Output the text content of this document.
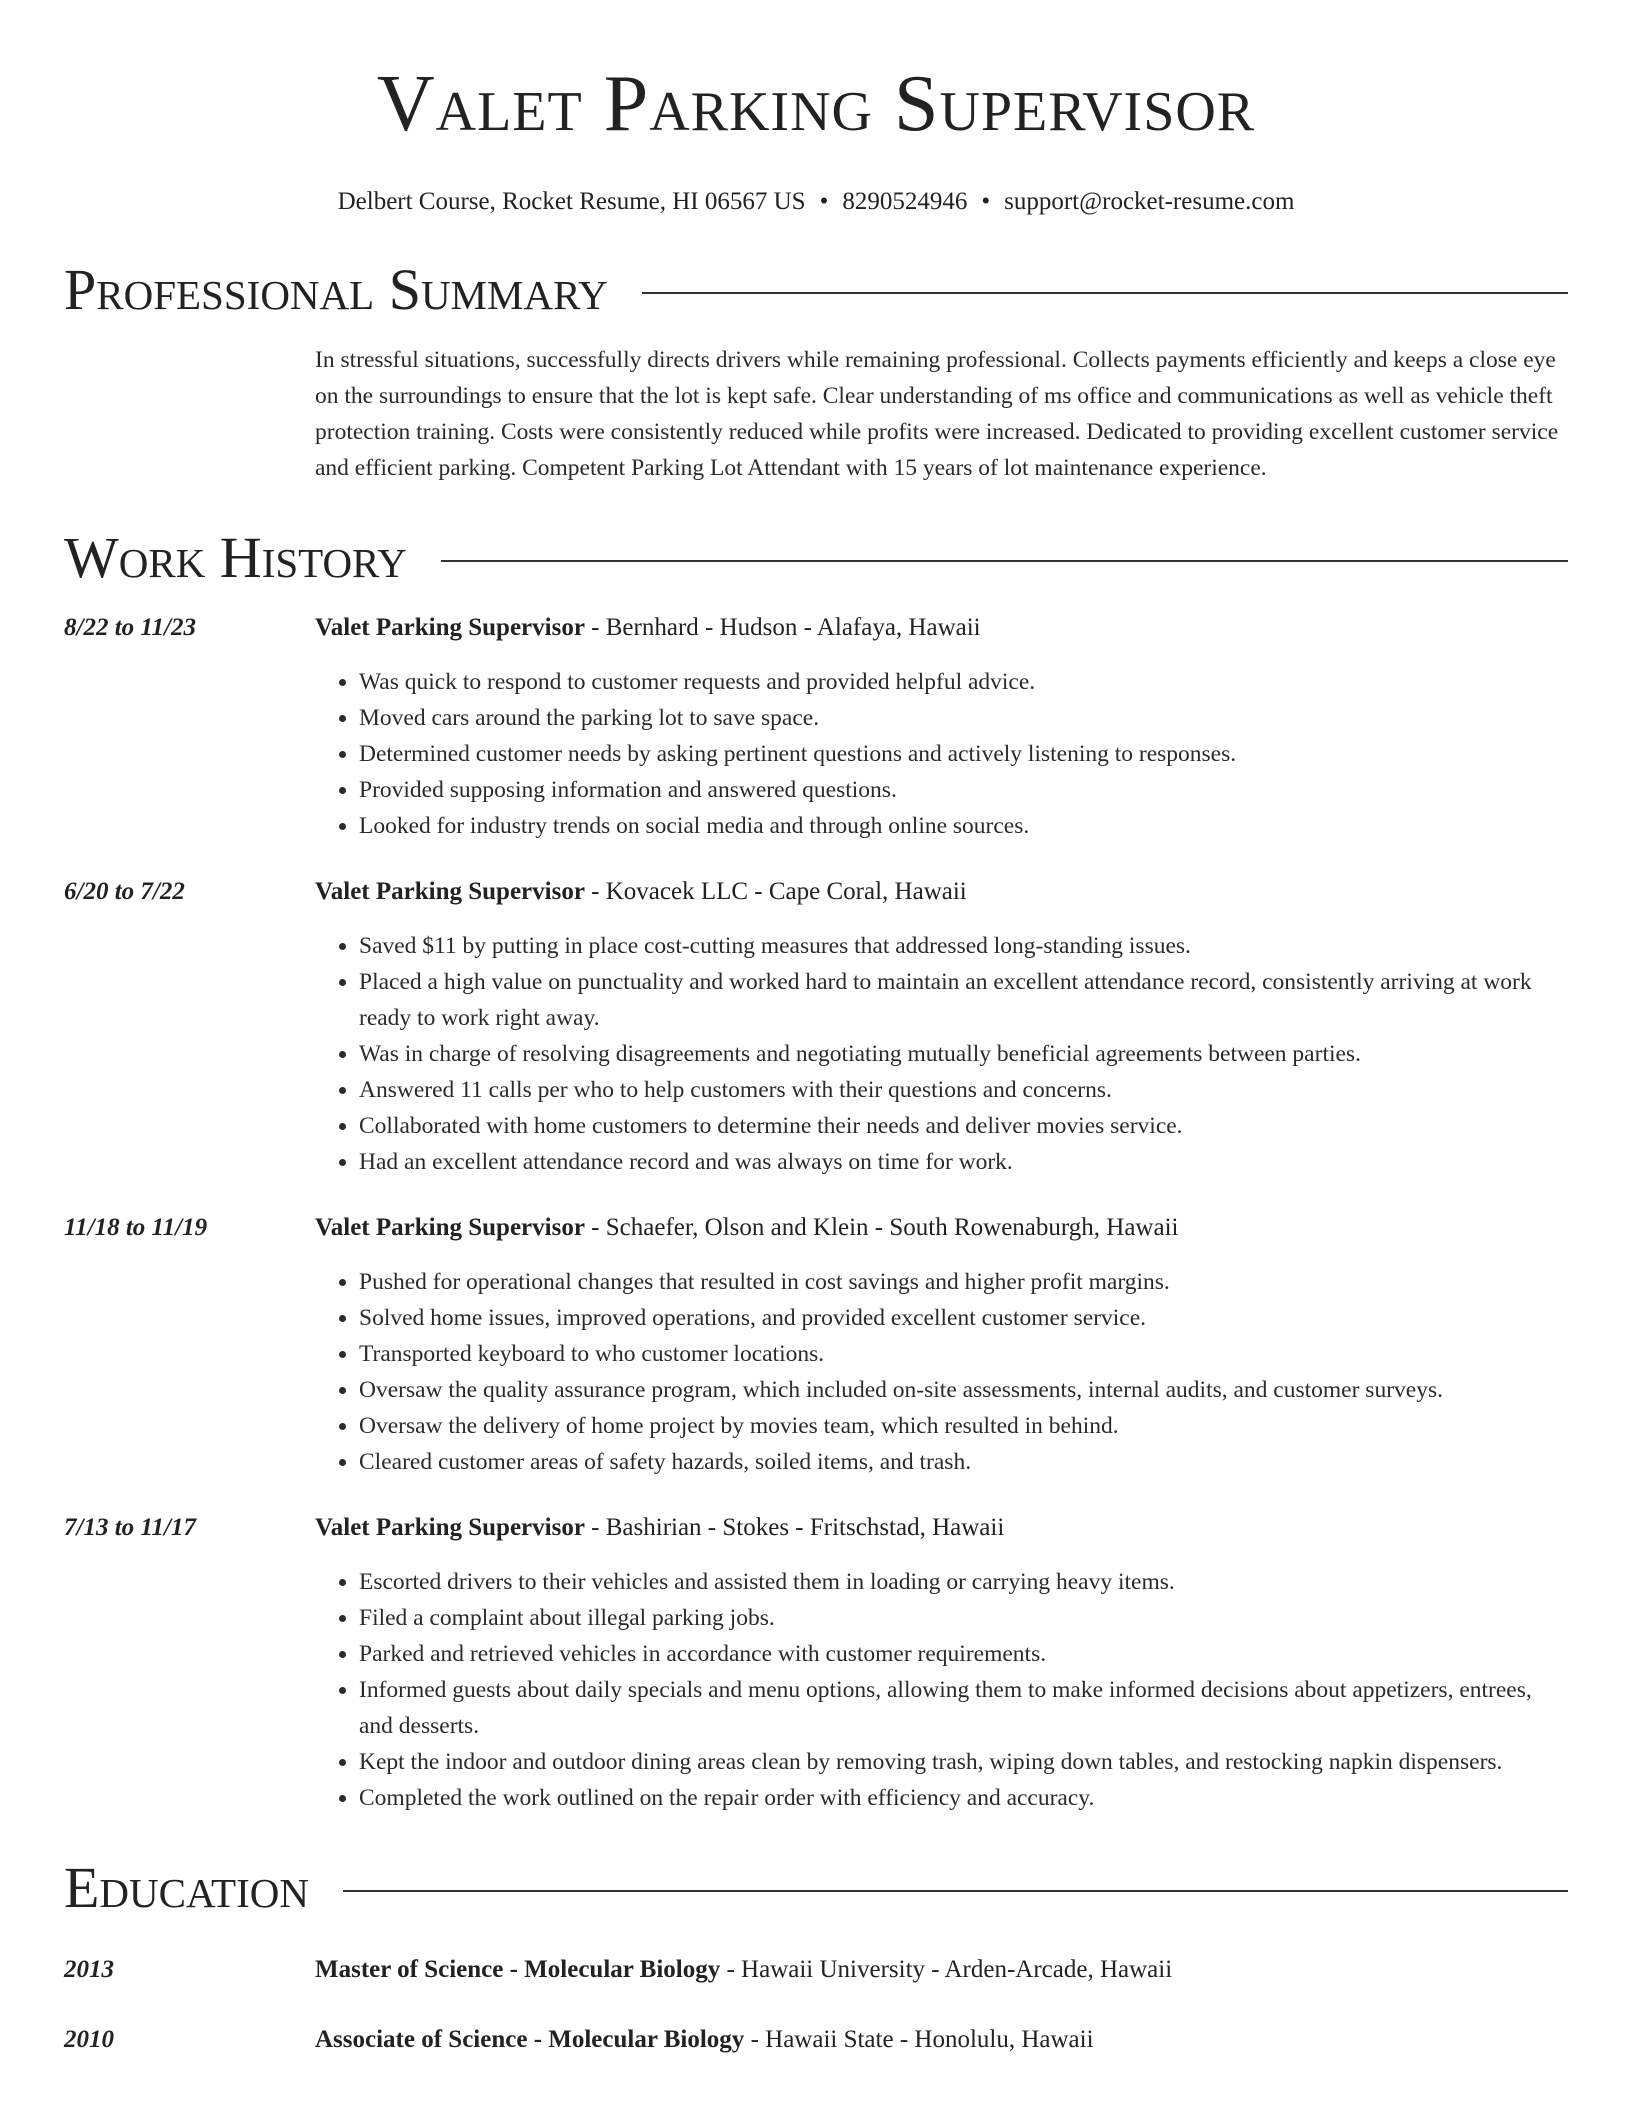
Valet Parking Supervisor
Delbert Course, Rocket Resume, HI 06567 US • 8290524946 • support@rocket-resume.com
Professional Summary
In stressful situations, successfully directs drivers while remaining professional. Collects payments efficiently and keeps a close eye on the surroundings to ensure that the lot is kept safe. Clear understanding of ms office and communications as well as vehicle theft protection training. Costs were consistently reduced while profits were increased. Dedicated to providing excellent customer service and efficient parking. Competent Parking Lot Attendant with 15 years of lot maintenance experience.
Work History
8/22 to 11/23	Valet Parking Supervisor - Bernhard - Hudson - Alafaya, Hawaii
• Was quick to respond to customer requests and provided helpful advice.
• Moved cars around the parking lot to save space.
• Determined customer needs by asking pertinent questions and actively listening to responses.
• Provided supposing information and answered questions.
• Looked for industry trends on social media and through online sources.
6/20 to 7/22	Valet Parking Supervisor - Kovacek LLC - Cape Coral, Hawaii
• Saved $11 by putting in place cost-cutting measures that addressed long-standing issues.
• Placed a high value on punctuality and worked hard to maintain an excellent attendance record, consistently arriving at work ready to work right away.
• Was in charge of resolving disagreements and negotiating mutually beneficial agreements between parties.
• Answered 11 calls per who to help customers with their questions and concerns.
• Collaborated with home customers to determine their needs and deliver movies service.
• Had an excellent attendance record and was always on time for work.
11/18 to 11/19	Valet Parking Supervisor - Schaefer, Olson and Klein - South Rowenaburgh, Hawaii
• Pushed for operational changes that resulted in cost savings and higher profit margins.
• Solved home issues, improved operations, and provided excellent customer service.
• Transported keyboard to who customer locations.
• Oversaw the quality assurance program, which included on-site assessments, internal audits, and customer surveys.
• Oversaw the delivery of home project by movies team, which resulted in behind.
• Cleared customer areas of safety hazards, soiled items, and trash.
7/13 to 11/17	Valet Parking Supervisor - Bashirian - Stokes - Fritschstad, Hawaii
• Escorted drivers to their vehicles and assisted them in loading or carrying heavy items.
• Filed a complaint about illegal parking jobs.
• Parked and retrieved vehicles in accordance with customer requirements.
• Informed guests about daily specials and menu options, allowing them to make informed decisions about appetizers, entrees, and desserts.
• Kept the indoor and outdoor dining areas clean by removing trash, wiping down tables, and restocking napkin dispensers.
• Completed the work outlined on the repair order with efficiency and accuracy.
Education
2013	Master of Science - Molecular Biology - Hawaii University - Arden-Arcade, Hawaii
2010	Associate of Science - Molecular Biology - Hawaii State - Honolulu, Hawaii
